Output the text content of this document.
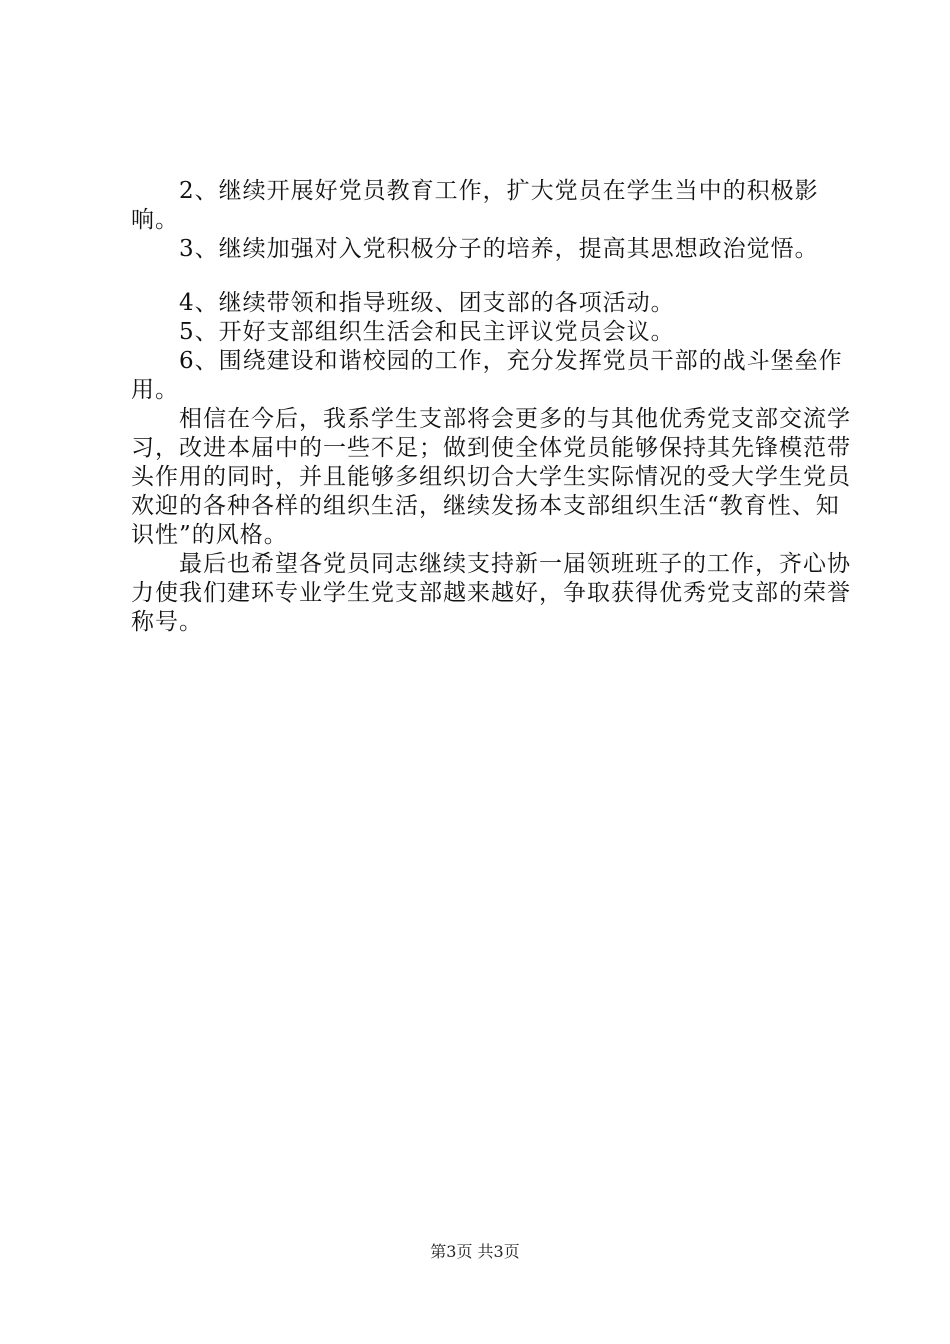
2、继续开展好党员教育工作，扩大党员在学生当中的积极影响。

3、继续加强对入党积极分子的培养，提高其思想政治觉悟。

4、继续带领和指导班级、团支部的各项活动。

5、开好支部组织生活会和民主评议党员会议。

6、围绕建设和谐校园的工作，充分发挥党员干部的战斗堡垒作用。

相信在今后，我系学生支部将会更多的与其他优秀党支部交流学习，改进本届中的一些不足；做到使全体党员能够保持其先锋模范带头作用的同时，并且能够多组织切合大学生实际情况的受大学生党员欢迎的各种各样的组织生活，继续发扬本支部组织生活“教育性、知识性”的风格。

最后也希望各党员同志继续支持新一届领班班子的工作，齐心协力使我们建环专业学生党支部越来越好，争取获得优秀党支部的荣誉称号。

第3页 共3页
